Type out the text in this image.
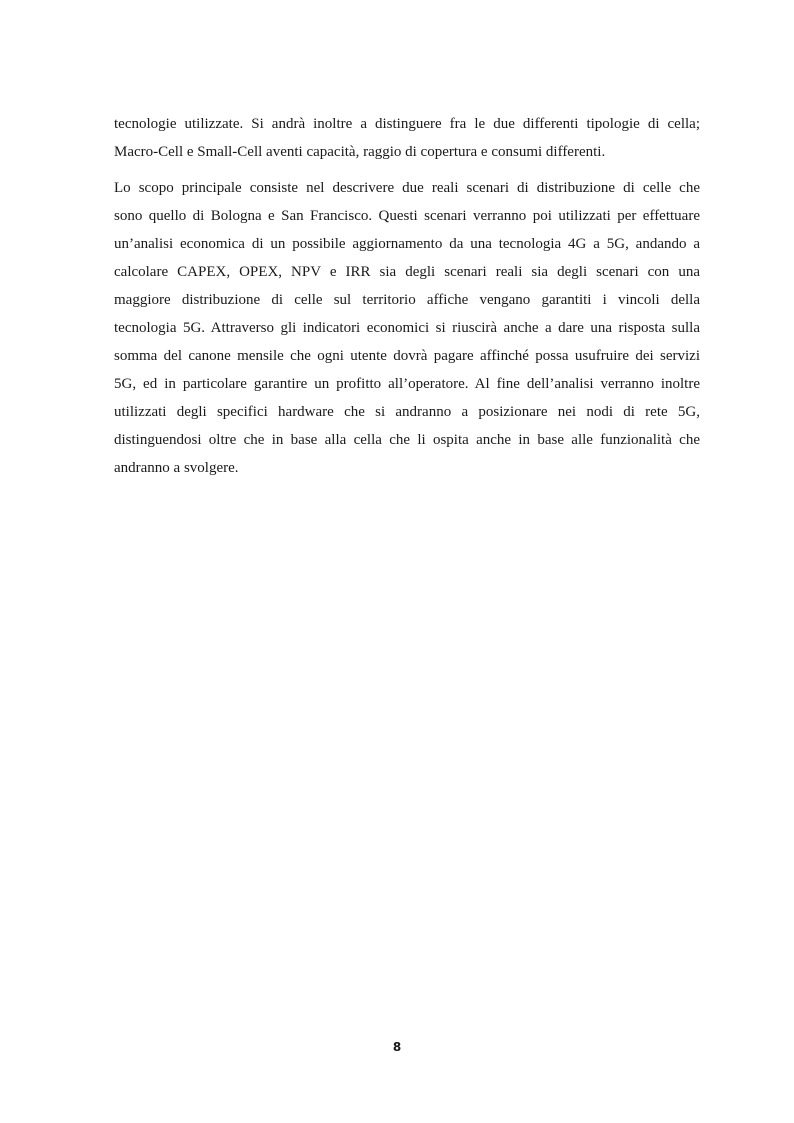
tecnologie utilizzate. Si andrà inoltre a distinguere fra le due differenti tipologie di cella;
Macro-Cell e Small-Cell aventi capacità, raggio di copertura e consumi differenti.

Lo scopo principale consiste nel descrivere due reali scenari di distribuzione di celle che
sono quello di Bologna e San Francisco. Questi scenari verranno poi utilizzati per effettuare
un’analisi economica di un possibile aggiornamento da una tecnologia 4G a 5G, andando a
calcolare CAPEX, OPEX, NPV e IRR sia degli scenari reali sia degli scenari con una
maggiore distribuzione di celle sul territorio affiche vengano garantiti i vincoli della
tecnologia 5G. Attraverso gli indicatori economici si riuscirà anche a dare una risposta sulla
somma del canone mensile che ogni utente dovrà pagare affinché possa usufruire dei servizi
5G, ed in particolare garantire un profitto all’operatore. Al fine dell’analisi verranno inoltre
utilizzati degli specifici hardware che si andranno a posizionare nei nodi di rete 5G,
distinguendosi oltre che in base alla cella che li ospita anche in base alle funzionalità che
andranno a svolgere.

8
